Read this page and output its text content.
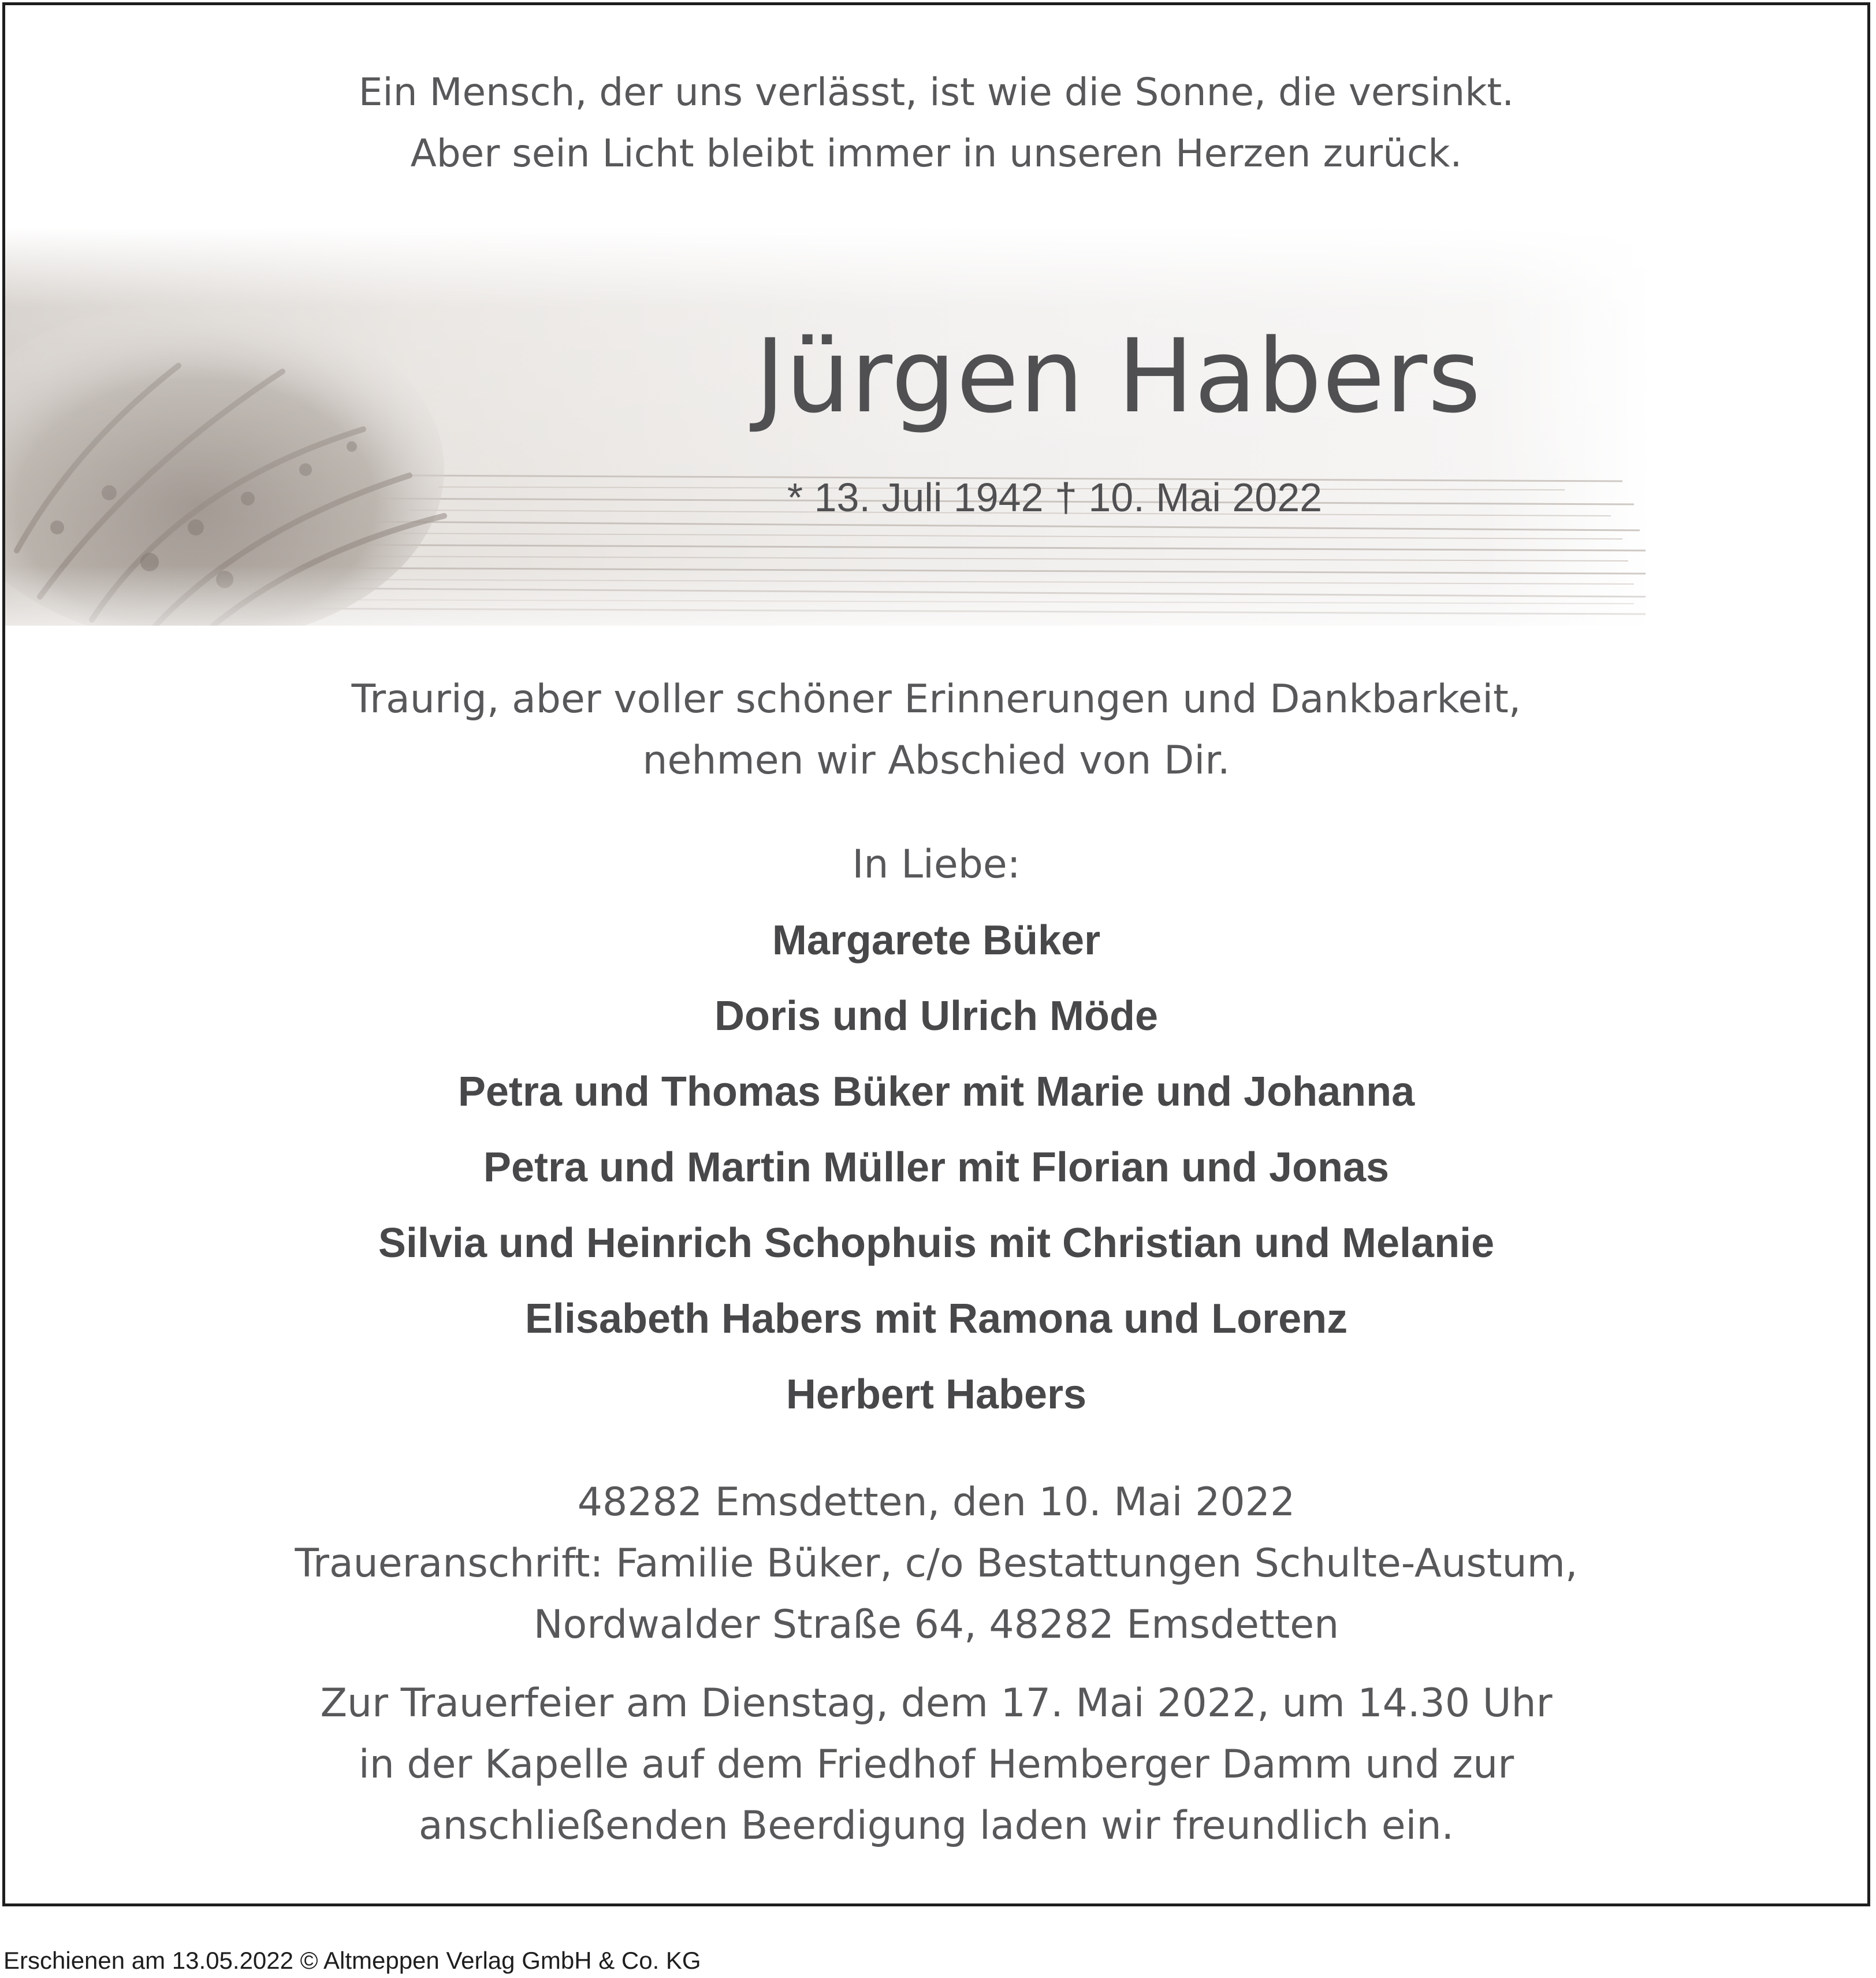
Ein Mensch, der uns verlässt, ist wie die Sonne, die versinkt.
Aber sein Licht bleibt immer in unseren Herzen zurück.
Jürgen Habers
* 13. Juli 1942 † 10. Mai 2022
Traurig, aber voller schöner Erinnerungen und Dankbarkeit,
nehmen wir Abschied von Dir.
In Liebe:
Margarete Büker
Doris und Ulrich Möde
Petra und Thomas Büker mit Marie und Johanna
Petra und Martin Müller mit Florian und Jonas
Silvia und Heinrich Schophuis mit Christian und Melanie
Elisabeth Habers mit Ramona und Lorenz
Herbert Habers
48282 Emsdetten, den 10. Mai 2022
Traueranschrift: Familie Büker, c/o Bestattungen Schulte-Austum,
Nordwalder Straße 64, 48282 Emsdetten
Zur Trauerfeier am Dienstag, dem 17. Mai 2022, um 14.30 Uhr
in der Kapelle auf dem Friedhof Hemberger Damm und zur
anschließenden Beerdigung laden wir freundlich ein.
Erschienen am 13.05.2022 © Altmeppen Verlag GmbH & Co. KG
